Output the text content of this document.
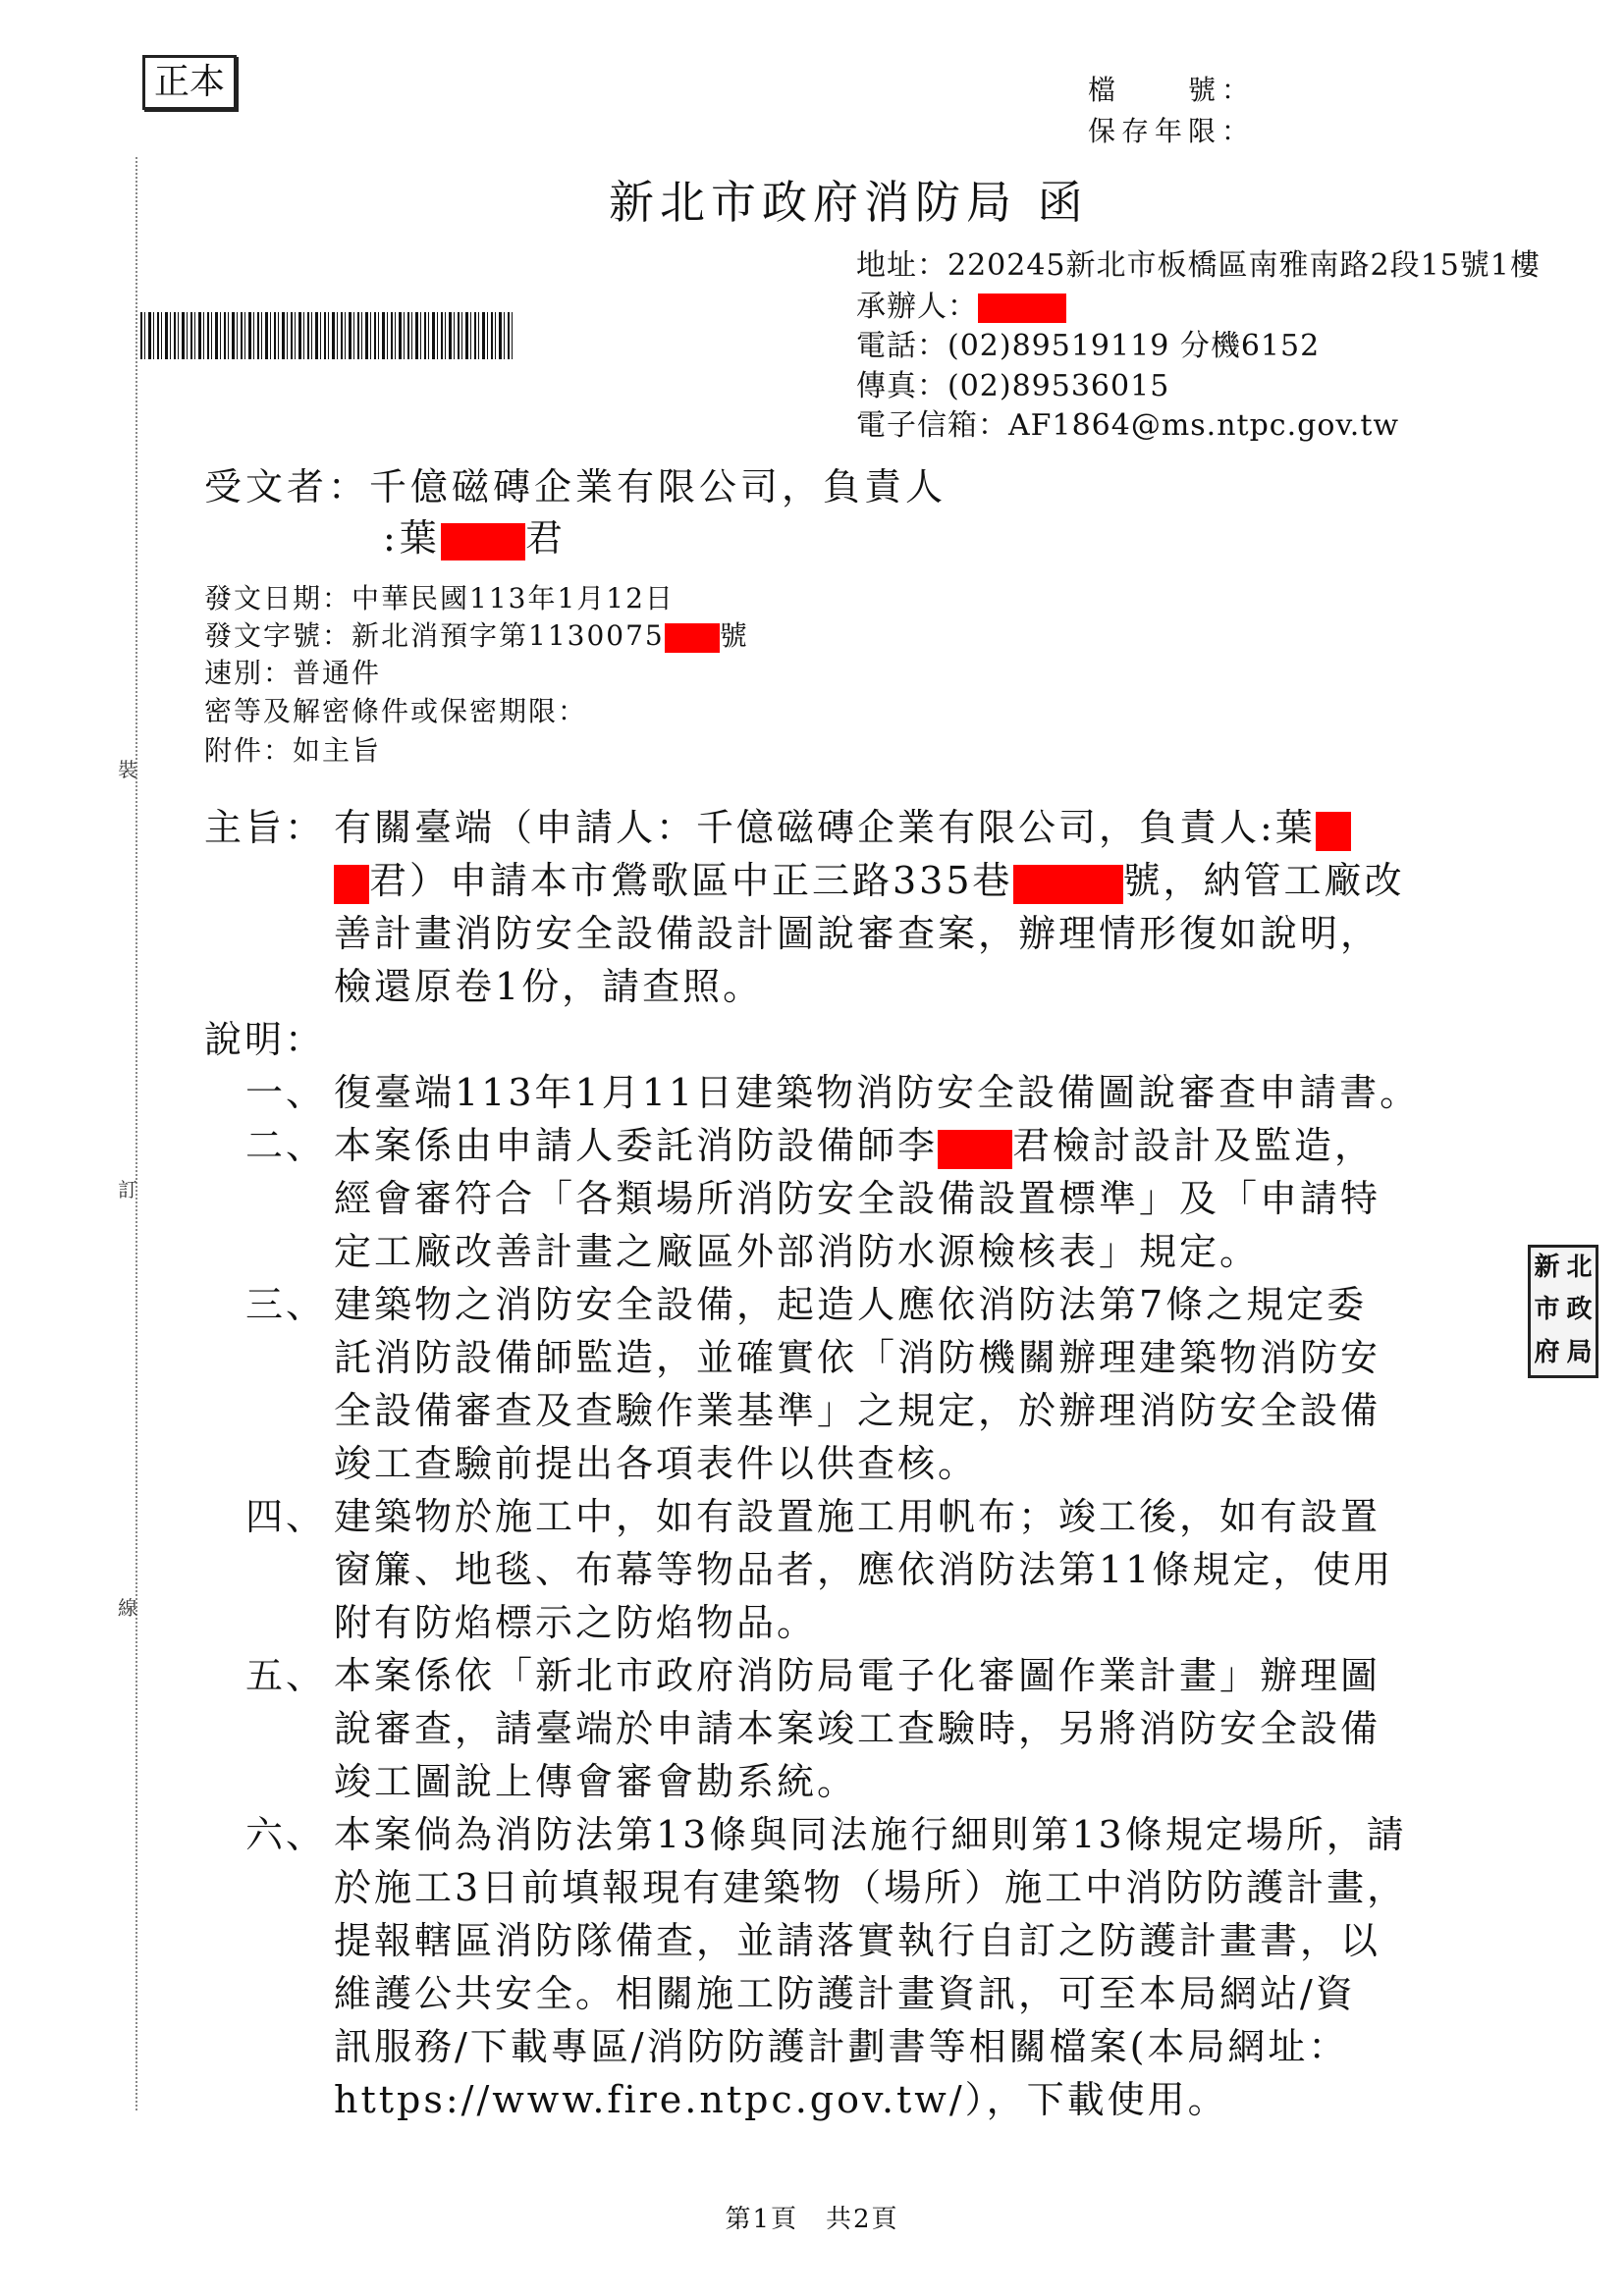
正本	檔　　號：
保存年限：
新北市政府消防局 函
地址：220245新北市板橋區南雅南路2段15號1樓
承辦人：
電話：(02)89519119 分機6152
傳真：(02)89536015
電子信箱：AF1864@ms.ntpc.gov.tw
裝
訂
線
受文者：千億磁磚企業有限公司，負責人
:葉 君
發文日期：中華民國113年1月12日
發文字號：新北消預字第1130075 號
速別：普通件
密等及解密條件或保密期限：
附件：如主旨
主旨： 有關臺端（申請人：千億磁磚企業有限公司，負責人:葉
君）申請本市鶯歌區中正三路335巷	號，納管工廠改
善計畫消防安全設備設計圖說審查案，辦理情形復如說明，
檢還原卷1份，請查照。
說明：
一、 復臺端113年1月11日建築物消防安全設備圖說審查申請書。
二、 本案係由申請人委託消防設備師李 君檢討設計及監造，
經會審符合「各類場所消防安全設備設置標準」及「申請特
定工廠改善計畫之廠區外部消防水源檢核表」規定。
三、 建築物之消防安全設備，起造人應依消防法第7條之規定委
託消防設備師監造，並確實依「消防機關辦理建築物消防安
全設備審查及查驗作業基準」之規定，於辦理消防安全設備
竣工查驗前提出各項表件以供查核。
四、 建築物於施工中，如有設置施工用帆布；竣工後，如有設置
窗簾、地毯、布幕等物品者，應依消防法第11條規定，使用
附有防焰標示之防焰物品。
五、 本案係依「新北市政府消防局電子化審圖作業計畫」辦理圖
說審查，請臺端於申請本案竣工查驗時，另將消防安全設備
竣工圖說上傳會審會勘系統。
六、 本案倘為消防法第13條與同法施行細則第13條規定場所，請
於施工3日前填報現有建築物（場所）施工中消防防護計畫，
提報轄區消防隊備查，並請落實執行自訂之防護計畫書，以
維護公共安全。相關施工防護計畫資訊，可至本局網站/資
訊服務/下載專區/消防防護計劃書等相關檔案(本局網址：
https://www.fire.ntpc.gov.tw/），下載使用。
新 北
市 政
府 局
第1頁　共2頁
